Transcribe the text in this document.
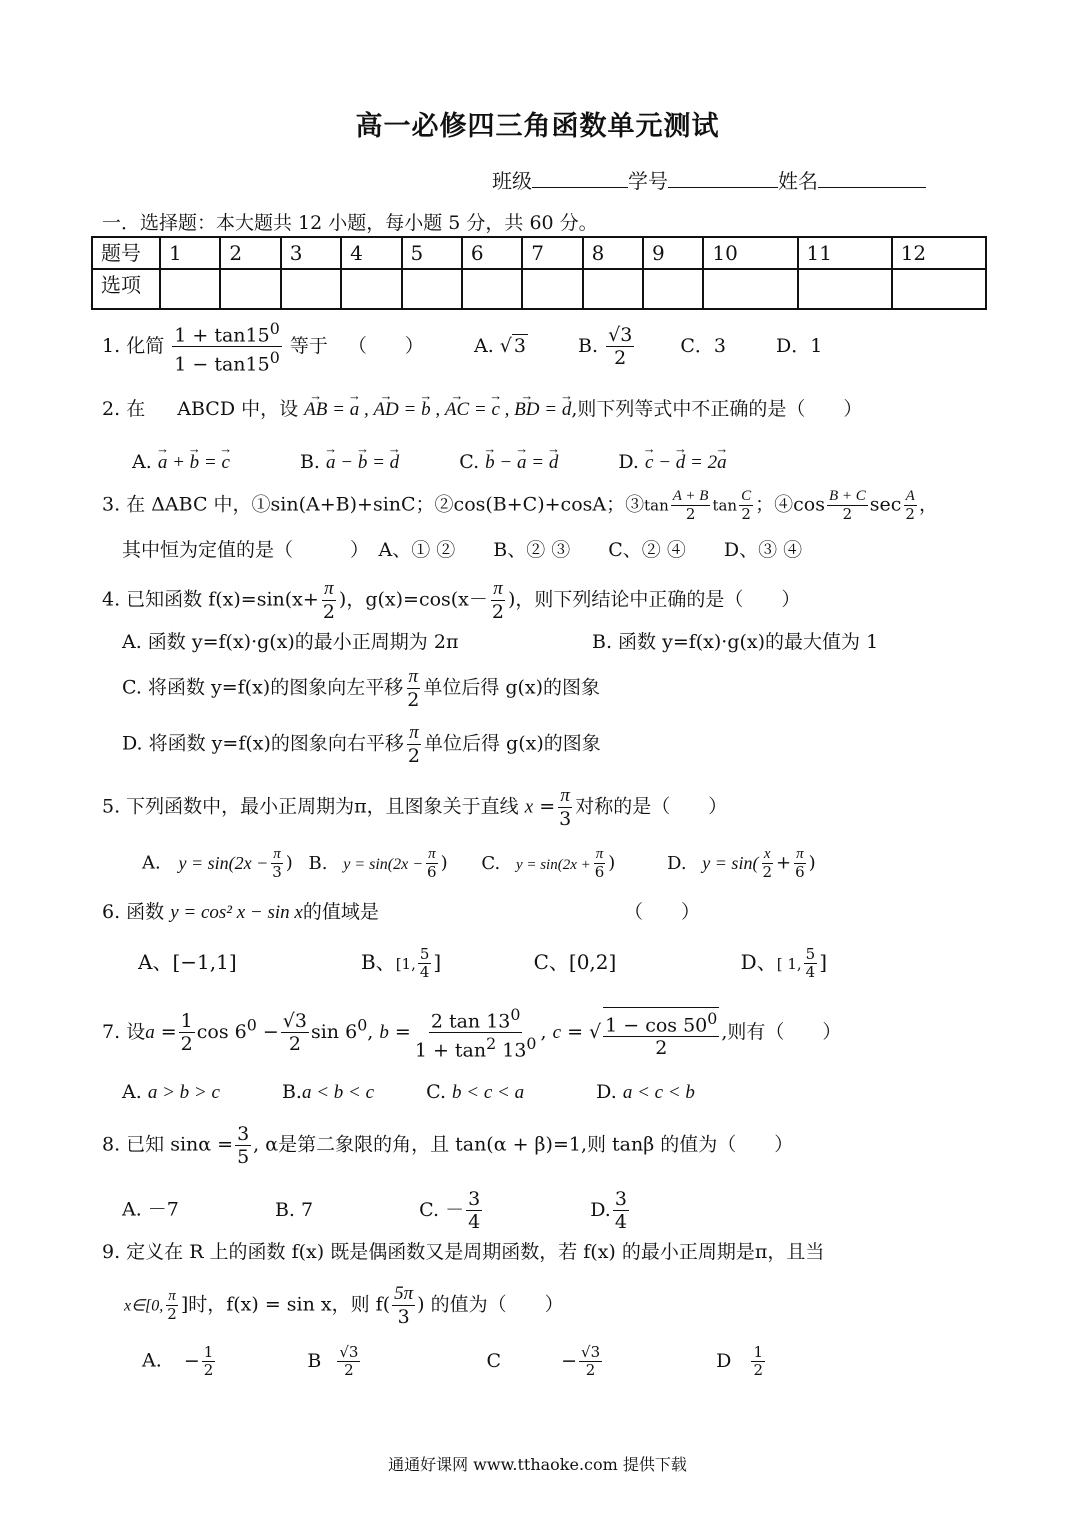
高一必修四三角函数单元测试
班级	学号	姓名
一．选择题：本大题共 12 小题，每小题 5 分，共 60 分。
题号	1	2	3	4	5	6	7	8	9	10	11	12
选项												
1. 化简 $\frac{1 + \tan 15^0}{1 - \tan 15^0}$ 等于 （　　）	A. √ 3	B. $\frac{√3}{2}$ C．3	D．1
2. 在 ABCD 中，设 → AB = → a , → AD = → b , → AC = → c , → BD = → d,则下列等式中不正确的是（　　）
A. → a + → b = → c	B. → a − → b = → d	C. → b − → a = → d	D. → c − → d = 2→ a
3. 在 ΔABC 中，①sin(A+B)+sinC；②cos(B+C)+cosA；③tan $\frac{A + B}{2}$ $\tan \frac{C}{2}$ ；④cos $\frac{B + C}{2}$ $\sec \frac{A}{2}$ ，
其中恒为定值的是（　　　）　A、① ②　　B、② ③　　C、② ④　　D、③ ④
4. 已知函数 $f(x)=\sin(x+ \frac{\pi}{2}$ )，$g(x)=\cos(x- \frac{\pi}{2}$ )，则下列结论中正确的是（　　）
A. 函数 y=f(x)·g(x)的最小正周期为 2π	B. 函数 y=f(x)·g(x)的最大值为 1
C. 将函数 y=f(x)的图象向左平移 $\frac{\pi}{2}$ 单位后得 g(x)的图象
D. 将函数 y=f(x)的图象向右平移 $\frac{\pi}{2}$ 单位后得 g(x)的图象
5. 下列函数中，最小正周期为π，且图象关于直线 $x = \frac{\pi}{3}$ 对称的是（　　）
A. $y = \sin(2x - \frac{\pi}{3}$ ) B. $y = \sin(2x - \frac{\pi}{6}$ ) C. $y = \sin(2x + \frac{\pi}{6}$ )	D. $y = \sin( \frac{x}{2} + \frac{\pi}{6}$ )
6. 函数 y = cos² x − sin x的值域是	（　　）
A、[−1,1]	B、[1, $\frac{5}{4}$ ]	C、[0,2]	D、[ 1, $\frac{5}{4}$ ]
7. 设$a = \frac{1}{2}$ $\cos 6^0 - \frac{√3}{2}$ $\sin 6^0$, $b = \frac{2 \tan 13^0}{1 + \tan^2 13^0}$ , c = √ $\frac{1 - \cos 50^0}{2}$ ,则有（　　）
A. a > b > c	B.a < b < c	C. b < c < a	D. a < c < b
8. 已知 $\sin\alpha = \frac{3}{5}$ , α是第二象限的角，且 tan(α + β)=1,则 tanβ 的值为（　　）
A. －7	B. 7	C. － $\frac{3}{4}$	D. $\frac{3}{4}$
9. 定义在 R 上的函数 f(x) 既是偶函数又是周期函数，若 f(x) 的最小正周期是π，且当
x∈[0, $\frac{\pi}{2}$ ]时，f(x) = sin x，则 $f( \frac{5\pi}{3}$ ) 的值为（　　）
A. − $\frac{1}{2}$	B $\frac{√3}{2}$	C	− $\frac{√3}{2}$	D $\frac{1}{2}$
通通好课网 www.tthaoke.com 提供下载
